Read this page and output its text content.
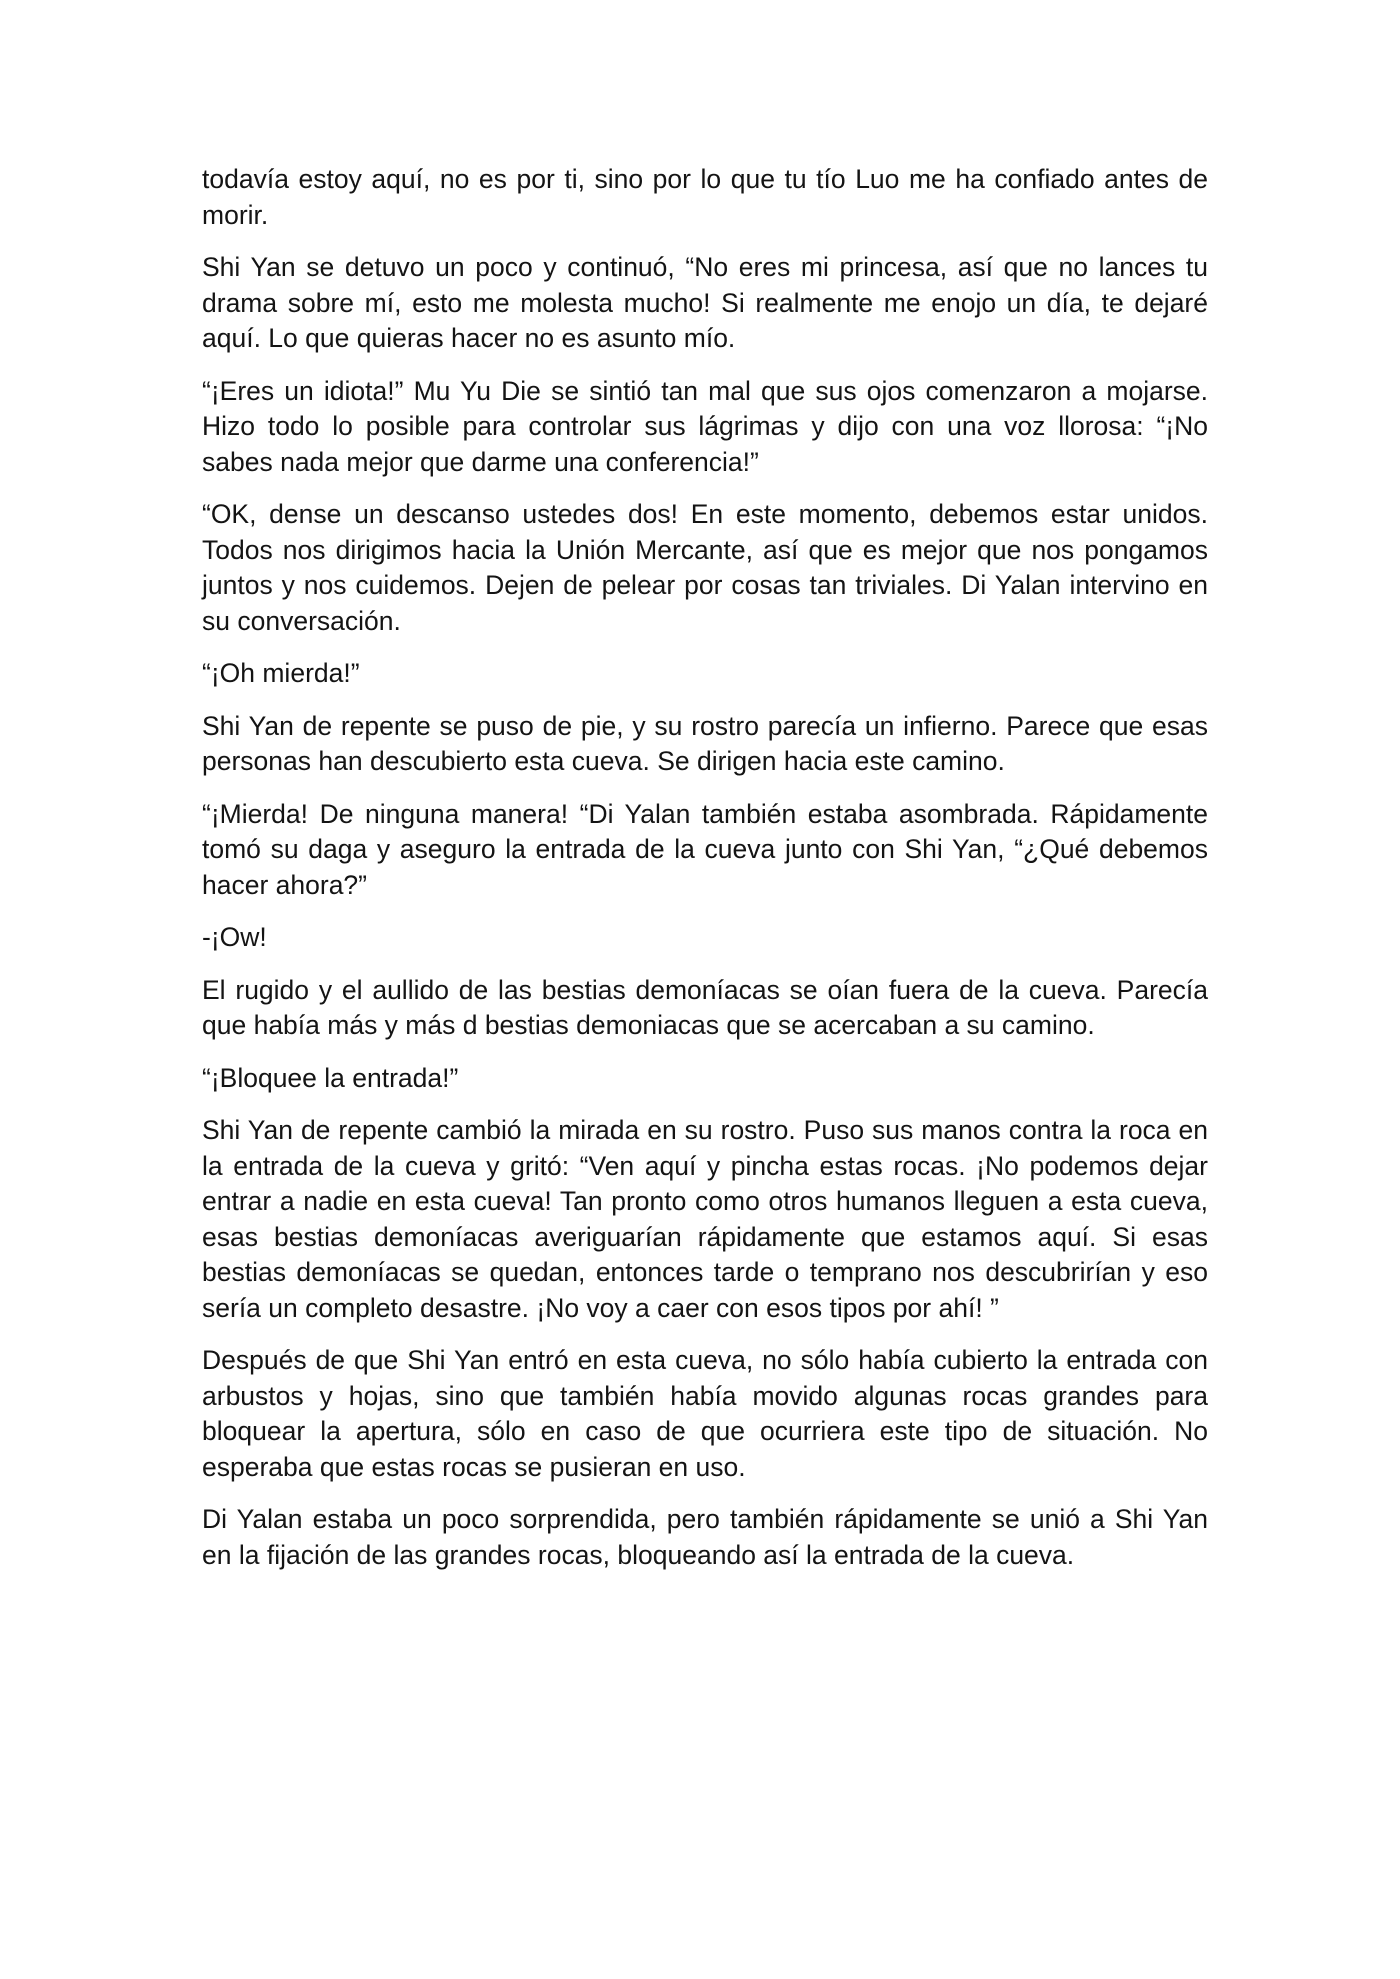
todavía estoy aquí, no es por ti, sino por lo que tu tío Luo me ha confiado antes de morir.

Shi Yan se detuvo un poco y continuó, “No eres mi princesa, así que no lances tu drama sobre mí, esto me molesta mucho! Si realmente me enojo un día, te dejaré aquí. Lo que quieras hacer no es asunto mío.

“¡Eres un idiota!” Mu Yu Die se sintió tan mal que sus ojos comenzaron a mojarse. Hizo todo lo posible para controlar sus lágrimas y dijo con una voz llorosa: “¡No sabes nada mejor que darme una conferencia!”

“OK, dense un descanso ustedes dos! En este momento, debemos estar unidos. Todos nos dirigimos hacia la Unión Mercante, así que es mejor que nos pongamos juntos y nos cuidemos. Dejen de pelear por cosas tan triviales. Di Yalan intervino en su conversación.

“¡Oh mierda!”

Shi Yan de repente se puso de pie, y su rostro parecía un infierno. Parece que esas personas han descubierto esta cueva. Se dirigen hacia este camino.

“¡Mierda! De ninguna manera! “Di Yalan también estaba asombrada. Rápidamente tomó su daga y aseguro la entrada de la cueva junto con Shi Yan, “¿Qué debemos hacer ahora?”

-¡Ow!

El rugido y el aullido de las bestias demoníacas se oían fuera de la cueva. Parecía que había más y más d bestias demoniacas que se acercaban a su camino.

“¡Bloquee la entrada!”

Shi Yan de repente cambió la mirada en su rostro. Puso sus manos contra la roca en la entrada de la cueva y gritó: “Ven aquí y pincha estas rocas. ¡No podemos dejar entrar a nadie en esta cueva! Tan pronto como otros humanos lleguen a esta cueva, esas bestias demoníacas averiguarían rápidamente que estamos aquí. Si esas bestias demoníacas se quedan, entonces tarde o temprano nos descubrirían y eso sería un completo desastre. ¡No voy a caer con esos tipos por ahí! ”

Después de que Shi Yan entró en esta cueva, no sólo había cubierto la entrada con arbustos y hojas, sino que también había movido algunas rocas grandes para bloquear la apertura, sólo en caso de que ocurriera este tipo de situación. No esperaba que estas rocas se pusieran en uso.

Di Yalan estaba un poco sorprendida, pero también rápidamente se unió a Shi Yan en la fijación de las grandes rocas, bloqueando así la entrada de la cueva.
